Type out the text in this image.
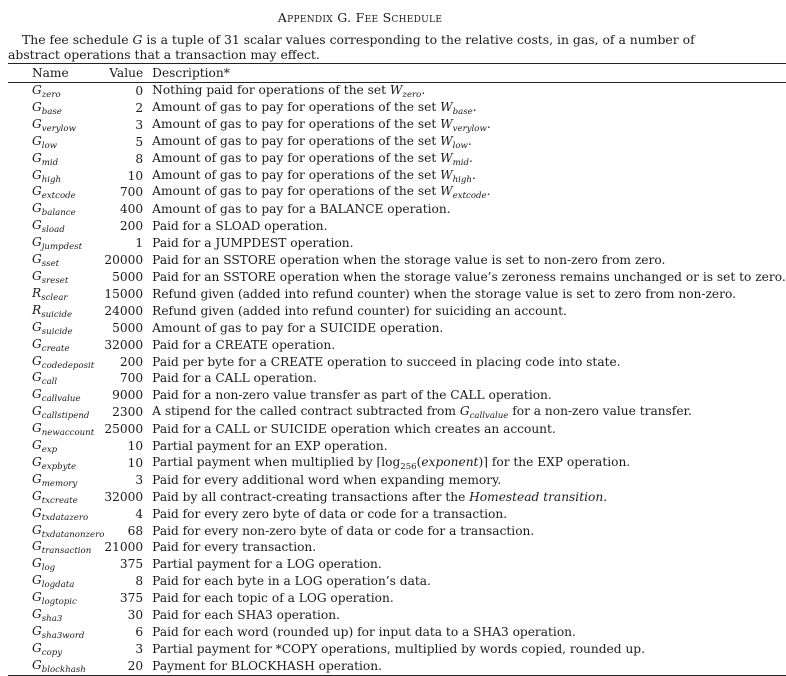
Appendix G. Fee Schedule
The fee schedule G is a tuple of 31 scalar values corresponding to the relative costs, in gas, of a number of abstract operations that a transaction may effect.
Name	Value	Description*
$G_{zero}$	0	Nothing paid for operations of the set $W_{zero}$.
$G_{base}$	2	Amount of gas to pay for operations of the set $W_{base}$.
$G_{verylow}$	3	Amount of gas to pay for operations of the set $W_{verylow}$.
$G_{low}$	5	Amount of gas to pay for operations of the set $W_{low}$.
$G_{mid}$	8	Amount of gas to pay for operations of the set $W_{mid}$.
$G_{high}$	10	Amount of gas to pay for operations of the set $W_{high}$.
$G_{extcode}$	700	Amount of gas to pay for operations of the set $W_{extcode}$.
$G_{balance}$	400	Amount of gas to pay for a BALANCE operation.
$G_{sload}$	200	Paid for a SLOAD operation.
$G_{jumpdest}$	1	Paid for a JUMPDEST operation.
$G_{sset}$	20000	Paid for an SSTORE operation when the storage value is set to non-zero from zero.
$G_{sreset}$	5000	Paid for an SSTORE operation when the storage value’s zeroness remains unchanged or is set to zero.
$R_{sclear}$	15000	Refund given (added into refund counter) when the storage value is set to zero from non-zero.
$R_{suicide}$	24000	Refund given (added into refund counter) for suiciding an account.
$G_{suicide}$	5000	Amount of gas to pay for a SUICIDE operation.
$G_{create}$	32000	Paid for a CREATE operation.
$G_{codedeposit}$	200	Paid per byte for a CREATE operation to succeed in placing code into state.
$G_{call}$	700	Paid for a CALL operation.
$G_{callvalue}$	9000	Paid for a non-zero value transfer as part of the CALL operation.
$G_{callstipend}$	2300	A stipend for the called contract subtracted from $G_{callvalue}$ for a non-zero value transfer.
$G_{newaccount}$	25000	Paid for a CALL or SUICIDE operation which creates an account.
$G_{exp}$	10	Partial payment for an EXP operation.
$G_{expbyte}$	10	Partial payment when multiplied by $⌈\log_{256}(exponent)⌉$ for the EXP operation.
$G_{memory}$	3	Paid for every additional word when expanding memory.
$G_{txcreate}$	32000	Paid by all contract-creating transactions after the Homestead transition.
$G_{txdatazero}$	4	Paid for every zero byte of data or code for a transaction.
$G_{txdatanonzero}$	68	Paid for every non-zero byte of data or code for a transaction.
$G_{transaction}$	21000	Paid for every transaction.
$G_{log}$	375	Partial payment for a LOG operation.
$G_{logdata}$	8	Paid for each byte in a LOG operation’s data.
$G_{logtopic}$	375	Paid for each topic of a LOG operation.
$G_{sha3}$	30	Paid for each SHA3 operation.
$G_{sha3word}$	6	Paid for each word (rounded up) for input data to a SHA3 operation.
$G_{copy}$	3	Partial payment for *COPY operations, multiplied by words copied, rounded up.
$G_{blockhash}$	20	Payment for BLOCKHASH operation.
